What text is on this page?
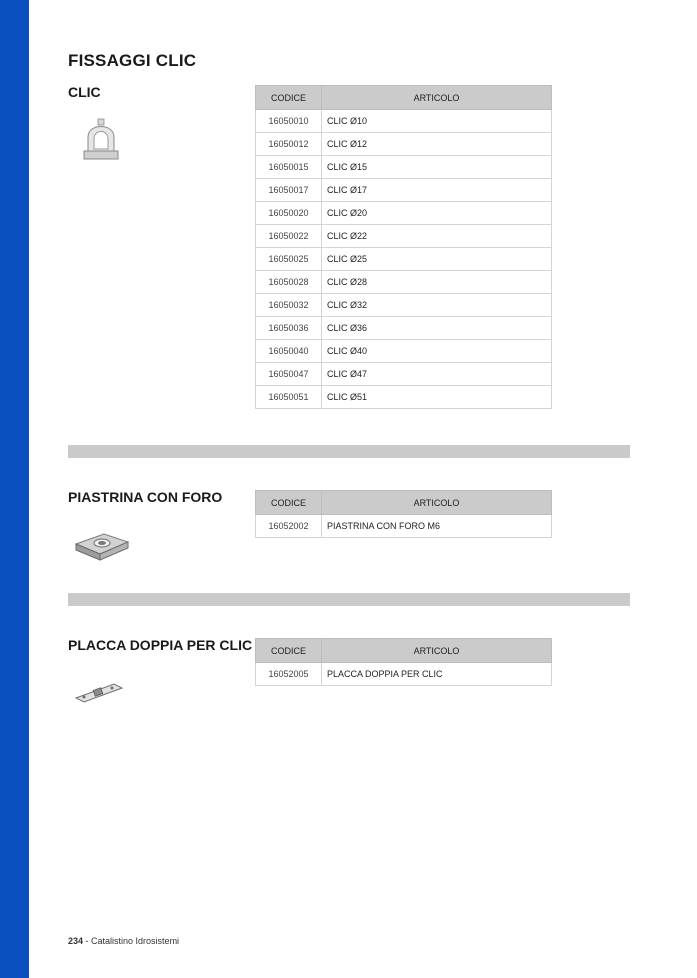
FISSAGGI CLIC
CLIC	CODICE	ARTICOLO
16050010	CLIC Ø10
16050012	CLIC Ø12
16050015	CLIC Ø15
16050017	CLIC Ø17
16050020	CLIC Ø20
16050022	CLIC Ø22
16050025	CLIC Ø25
16050028	CLIC Ø28
16050032	CLIC Ø32
16050036	CLIC Ø36
16050040	CLIC Ø40
16050047	CLIC Ø47
16050051	CLIC Ø51
PIASTRINA CON FORO	CODICE	ARTICOLO
16052002	PIASTRINA CON FORO M6
PLACCA DOPPIA PER CLIC CODICE	ARTICOLO
16052005	PLACCA DOPPIA PER CLIC
234 - Catalistino Idrosistemi
